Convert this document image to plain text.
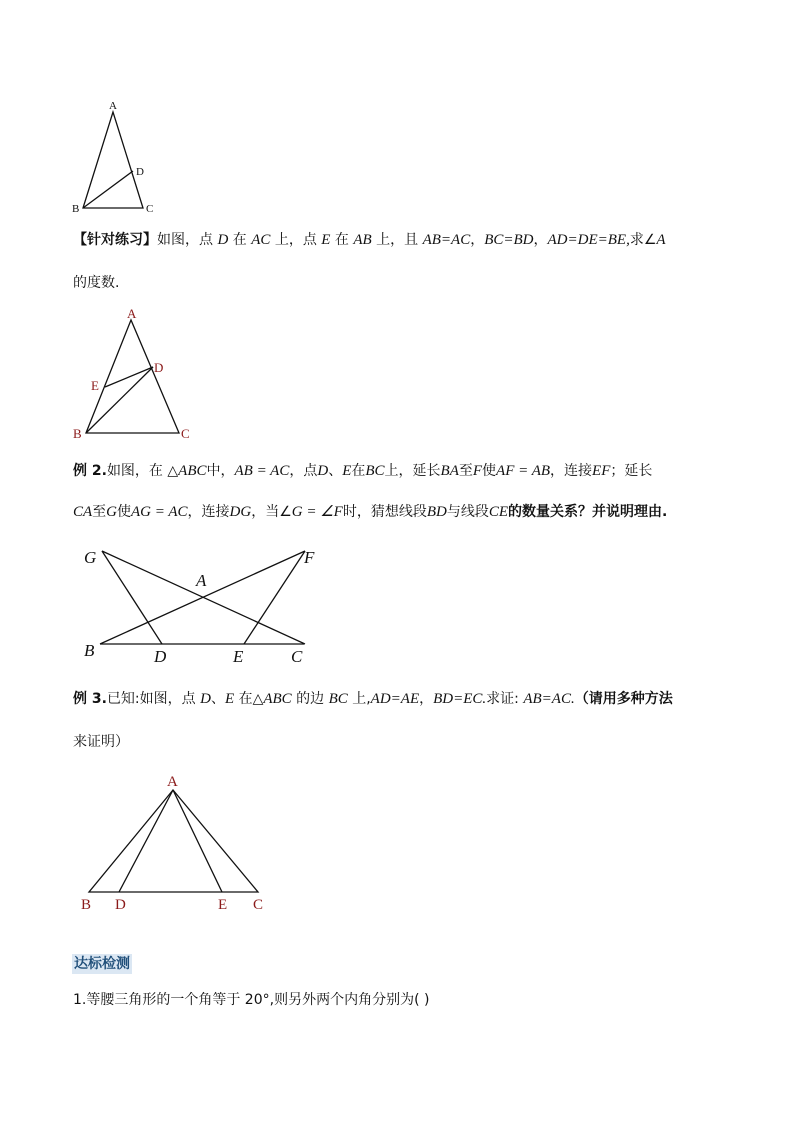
A
D
B	C
【针对练习】如图，点 D 在 AC 上，点 E 在 AB 上，且 AB=AC，BC=BD，AD=DE=BE,求∠A
的度数.
A
D
E
B	C
例 2.如图，在 △ABC中，AB = AC，点D、E在BC上，延长BA至F使AF = AB，连接EF；延长
CA至G使AG = AC，连接DG，当∠G = ∠F时，猜想线段BD与线段CE的数量关系？并说明理由.
G	F
A
B	D	E	C
例 3.已知:如图，点 D、E 在△ABC 的边 BC 上,AD=AE，BD=EC.求证: AB=AC.（请用多种方法
来证明）
A
B D	E C
达标检测
1.等腰三角形的一个角等于 20°,则另外两个内角分别为( )
